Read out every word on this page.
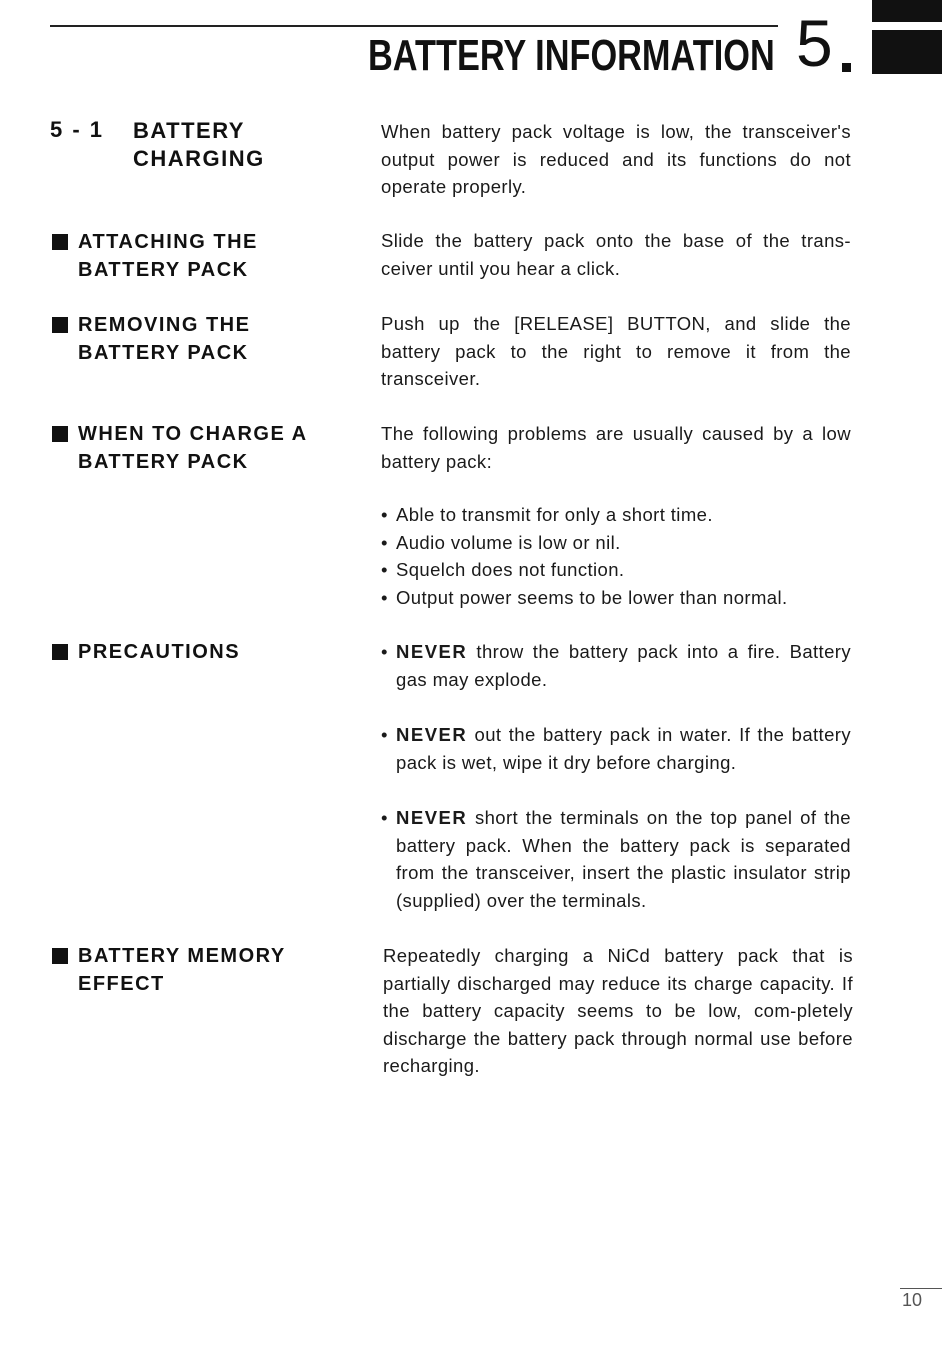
BATTERY INFORMATION 5
5 - 1 BATTERY
CHARGING
When battery pack voltage is low, the transceiver's output power is reduced and its functions do not operate properly.
ATTACHING THE
BATTERY PACK
Slide the battery pack onto the base of the trans-ceiver until you hear a click.
REMOVING THE
BATTERY PACK
Push up the [RELEASE] BUTTON, and slide the battery pack to the right to remove it from the transceiver.
WHEN TO CHARGE A
BATTERY PACK
The following problems are usually caused by a low battery pack:
• Able to transmit for only a short time.
• Audio volume is low or nil.
• Squelch does not function.
• Output power seems to be lower than normal.
PRECAUTIONS	• NEVER throw the battery pack into a fire. Battery gas may explode.
• NEVER out the battery pack in water. If the battery pack is wet, wipe it dry before charging.
• NEVER short the terminals on the top panel of the battery pack. When the battery pack is separated from the transceiver, insert the plastic insulator strip (supplied) over the terminals.
BATTERY MEMORY
EFFECT
Repeatedly charging a NiCd battery pack that is partially discharged may reduce its charge capacity. If the battery capacity seems to be low, com-pletely discharge the battery pack through normal use before recharging.
10
